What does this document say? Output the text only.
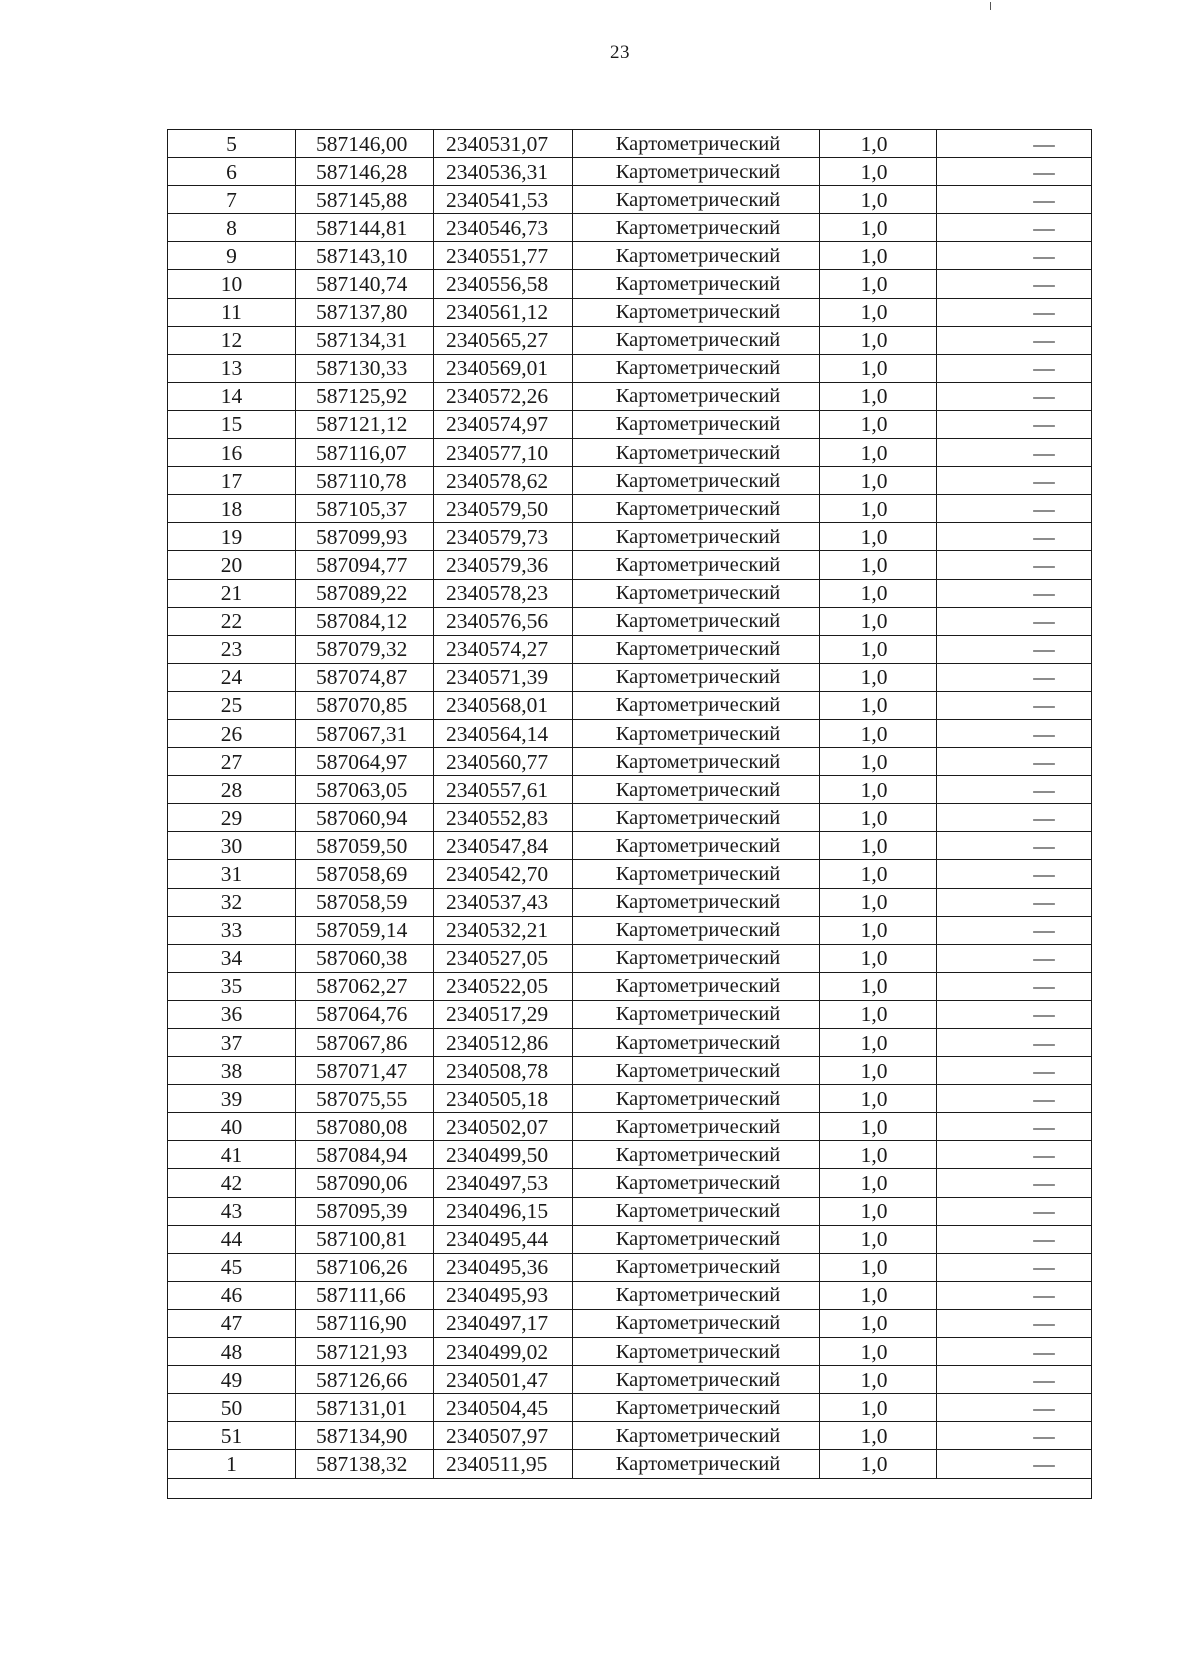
23
5	587146,00	2340531,07	Картометрический	1,0	—
6	587146,28	2340536,31	Картометрический	1,0	—
7	587145,88	2340541,53	Картометрический	1,0	—
8	587144,81	2340546,73	Картометрический	1,0	—
9	587143,10	2340551,77	Картометрический	1,0	—
10	587140,74	2340556,58	Картометрический	1,0	—
11	587137,80	2340561,12	Картометрический	1,0	—
12	587134,31	2340565,27	Картометрический	1,0	—
13	587130,33	2340569,01	Картометрический	1,0	—
14	587125,92	2340572,26	Картометрический	1,0	—
15	587121,12	2340574,97	Картометрический	1,0	—
16	587116,07	2340577,10	Картометрический	1,0	—
17	587110,78	2340578,62	Картометрический	1,0	—
18	587105,37	2340579,50	Картометрический	1,0	—
19	587099,93	2340579,73	Картометрический	1,0	—
20	587094,77	2340579,36	Картометрический	1,0	—
21	587089,22	2340578,23	Картометрический	1,0	—
22	587084,12	2340576,56	Картометрический	1,0	—
23	587079,32	2340574,27	Картометрический	1,0	—
24	587074,87	2340571,39	Картометрический	1,0	—
25	587070,85	2340568,01	Картометрический	1,0	—
26	587067,31	2340564,14	Картометрический	1,0	—
27	587064,97	2340560,77	Картометрический	1,0	—
28	587063,05	2340557,61	Картометрический	1,0	—
29	587060,94	2340552,83	Картометрический	1,0	—
30	587059,50	2340547,84	Картометрический	1,0	—
31	587058,69	2340542,70	Картометрический	1,0	—
32	587058,59	2340537,43	Картометрический	1,0	—
33	587059,14	2340532,21	Картометрический	1,0	—
34	587060,38	2340527,05	Картометрический	1,0	—
35	587062,27	2340522,05	Картометрический	1,0	—
36	587064,76	2340517,29	Картометрический	1,0	—
37	587067,86	2340512,86	Картометрический	1,0	—
38	587071,47	2340508,78	Картометрический	1,0	—
39	587075,55	2340505,18	Картометрический	1,0	—
40	587080,08	2340502,07	Картометрический	1,0	—
41	587084,94	2340499,50	Картометрический	1,0	—
42	587090,06	2340497,53	Картометрический	1,0	—
43	587095,39	2340496,15	Картометрический	1,0	—
44	587100,81	2340495,44	Картометрический	1,0	—
45	587106,26	2340495,36	Картометрический	1,0	—
46	587111,66	2340495,93	Картометрический	1,0	—
47	587116,90	2340497,17	Картометрический	1,0	—
48	587121,93	2340499,02	Картометрический	1,0	—
49	587126,66	2340501,47	Картометрический	1,0	—
50	587131,01	2340504,45	Картометрический	1,0	—
51	587134,90	2340507,97	Картометрический	1,0	—
1	587138,32	2340511,95	Картометрический	1,0	—
